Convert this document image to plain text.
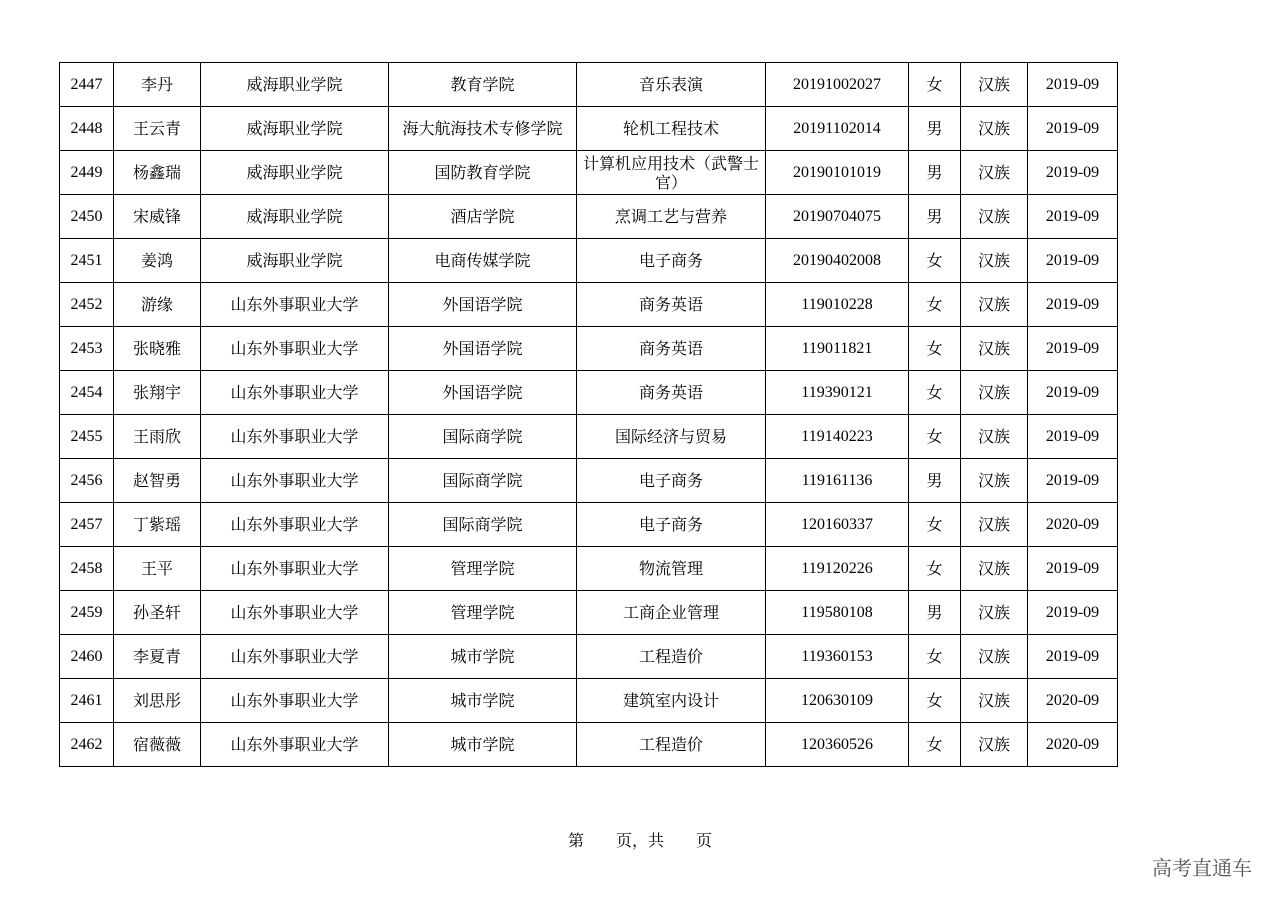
2447	李丹	威海职业学院	教育学院	音乐表演	20191002027	女	汉族	2019-09
2448	王云青	威海职业学院	海大航海技术专修学院	轮机工程技术	20191102014	男	汉族	2019-09
2449	杨鑫瑞	威海职业学院	国防教育学院	计算机应用技术（武警士官）	20190101019	男	汉族	2019-09
2450	宋威锋	威海职业学院	酒店学院	烹调工艺与营养	20190704075	男	汉族	2019-09
2451	姜鸿	威海职业学院	电商传媒学院	电子商务	20190402008	女	汉族	2019-09
2452	游缘	山东外事职业大学	外国语学院	商务英语	119010228	女	汉族	2019-09
2453	张晓雅	山东外事职业大学	外国语学院	商务英语	119011821	女	汉族	2019-09
2454	张翔宇	山东外事职业大学	外国语学院	商务英语	119390121	女	汉族	2019-09
2455	王雨欣	山东外事职业大学	国际商学院	国际经济与贸易	119140223	女	汉族	2019-09
2456	赵智勇	山东外事职业大学	国际商学院	电子商务	119161136	男	汉族	2019-09
2457	丁紫瑶	山东外事职业大学	国际商学院	电子商务	120160337	女	汉族	2020-09
2458	王平	山东外事职业大学	管理学院	物流管理	119120226	女	汉族	2019-09
2459	孙圣轩	山东外事职业大学	管理学院	工商企业管理	119580108	男	汉族	2019-09
2460	李夏青	山东外事职业大学	城市学院	工程造价	119360153	女	汉族	2019-09
2461	刘思彤	山东外事职业大学	城市学院	建筑室内设计	120630109	女	汉族	2020-09
2462	宿薇薇	山东外事职业大学	城市学院	工程造价	120360526	女	汉族	2020-09
第 页，共 页
高考直通车
